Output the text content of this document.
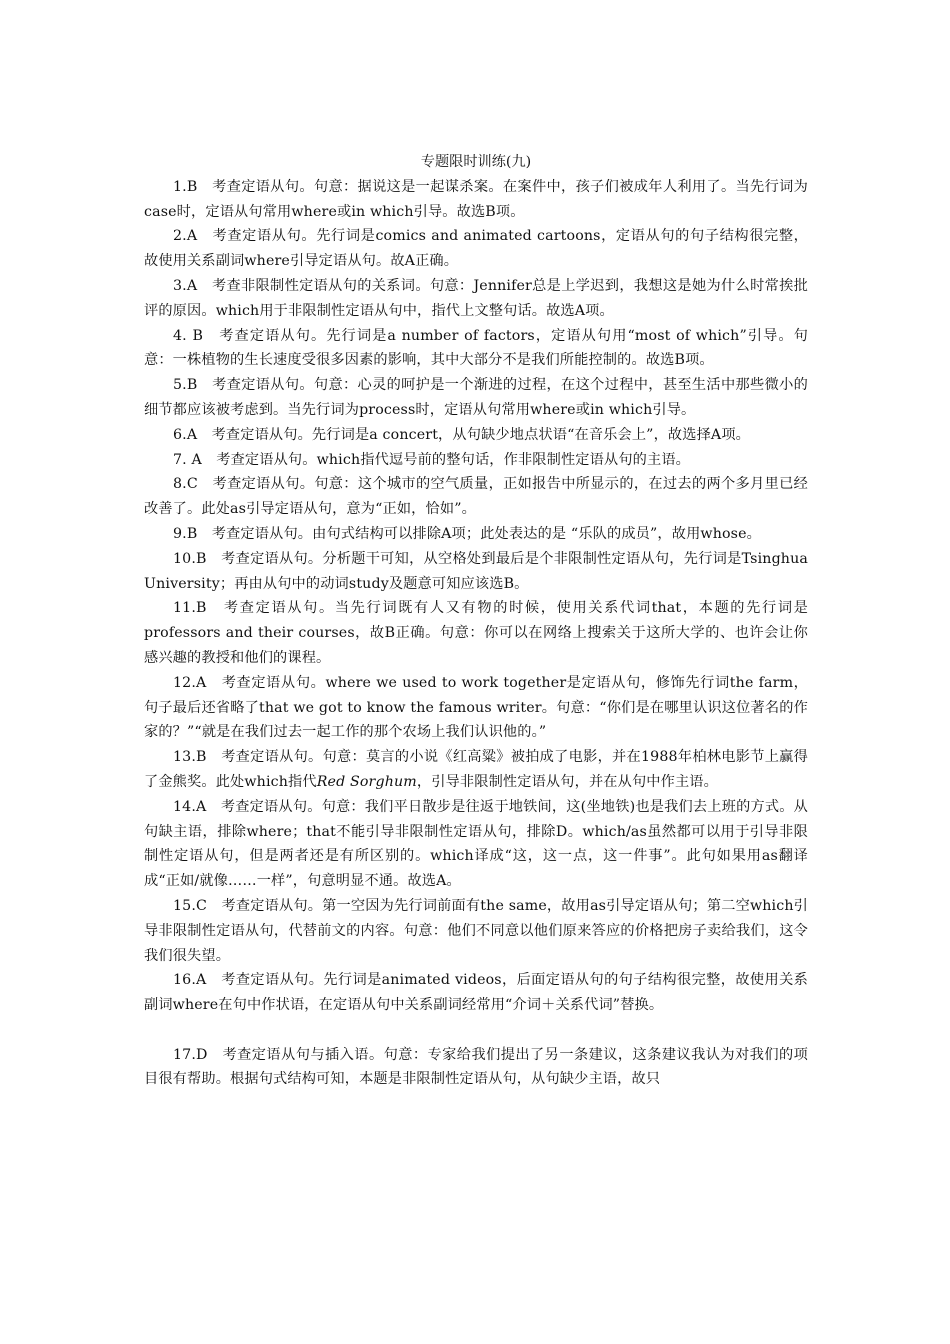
专题限时训练(九)

1.B　考查定语从句。句意：据说这是一起谋杀案。在案件中，孩子们被成年人利用了。当先行词为case时，定语从句常用where或in which引导。故选B项。

2.A　考查定语从句。先行词是comics and animated cartoons，定语从句的句子结构很完整，故使用关系副词where引导定语从句。故A正确。

3.A　考查非限制性定语从句的关系词。句意：Jennifer总是上学迟到，我想这是她为什么时常挨批评的原因。which用于非限制性定语从句中，指代上文整句话。故选A项。

4. B　考查定语从句。先行词是a number of factors，定语从句用“most of which”引导。句意：一株植物的生长速度受很多因素的影响，其中大部分不是我们所能控制的。故选B项。

5.B　考查定语从句。句意：心灵的呵护是一个渐进的过程，在这个过程中，甚至生活中那些微小的细节都应该被考虑到。当先行词为process时，定语从句常用where或in which引导。

6.A　考查定语从句。先行词是a concert，从句缺少地点状语“在音乐会上”，故选择A项。

7. A　考查定语从句。which指代逗号前的整句话，作非限制性定语从句的主语。

8.C　考查定语从句。句意：这个城市的空气质量，正如报告中所显示的，在过去的两个多月里已经改善了。此处as引导定语从句，意为“正如，恰如”。

9.B　考查定语从句。由句式结构可以排除A项；此处表达的是 “乐队的成员”，故用whose。

10.B　考查定语从句。分析题干可知，从空格处到最后是个非限制性定语从句，先行词是Tsinghua University；再由从句中的动词study及题意可知应该选B。

11.B　考查定语从句。当先行词既有人又有物的时候，使用关系代词that，本题的先行词是professors and their courses，故B正确。句意：你可以在网络上搜索关于这所大学的、也许会让你感兴趣的教授和他们的课程。

12.A　考查定语从句。where we used to work together是定语从句，修饰先行词the farm，句子最后还省略了that we got to know the famous writer。句意：“你们是在哪里认识这位著名的作家的？”“就是在我们过去一起工作的那个农场上我们认识他的。”

13.B　考查定语从句。句意：莫言的小说《红高粱》被拍成了电影，并在1988年柏林电影节上赢得了金熊奖。此处which指代Red Sorghum，引导非限制性定语从句，并在从句中作主语。

14.A　考查定语从句。句意：我们平日散步是往返于地铁间，这(坐地铁)也是我们去上班的方式。从句缺主语，排除where；that不能引导非限制性定语从句，排除D。which/as虽然都可以用于引导非限制性定语从句，但是两者还是有所区别的。which译成“这，这一点，这一件事”。此句如果用as翻译成“正如/就像……一样”，句意明显不通。故选A。

15.C　考查定语从句。第一空因为先行词前面有the same，故用as引导定语从句；第二空which引导非限制性定语从句，代替前文的内容。句意：他们不同意以他们原来答应的价格把房子卖给我们，这令我们很失望。

16.A　考查定语从句。先行词是animated videos，后面定语从句的句子结构很完整，故使用关系副词where在句中作状语，在定语从句中关系副词经常用“介词＋关系代词”替换。

17.D　考查定语从句与插入语。句意：专家给我们提出了另一条建议，这条建议我认为对我们的项目很有帮助。根据句式结构可知，本题是非限制性定语从句，从句缺少主语，故只
